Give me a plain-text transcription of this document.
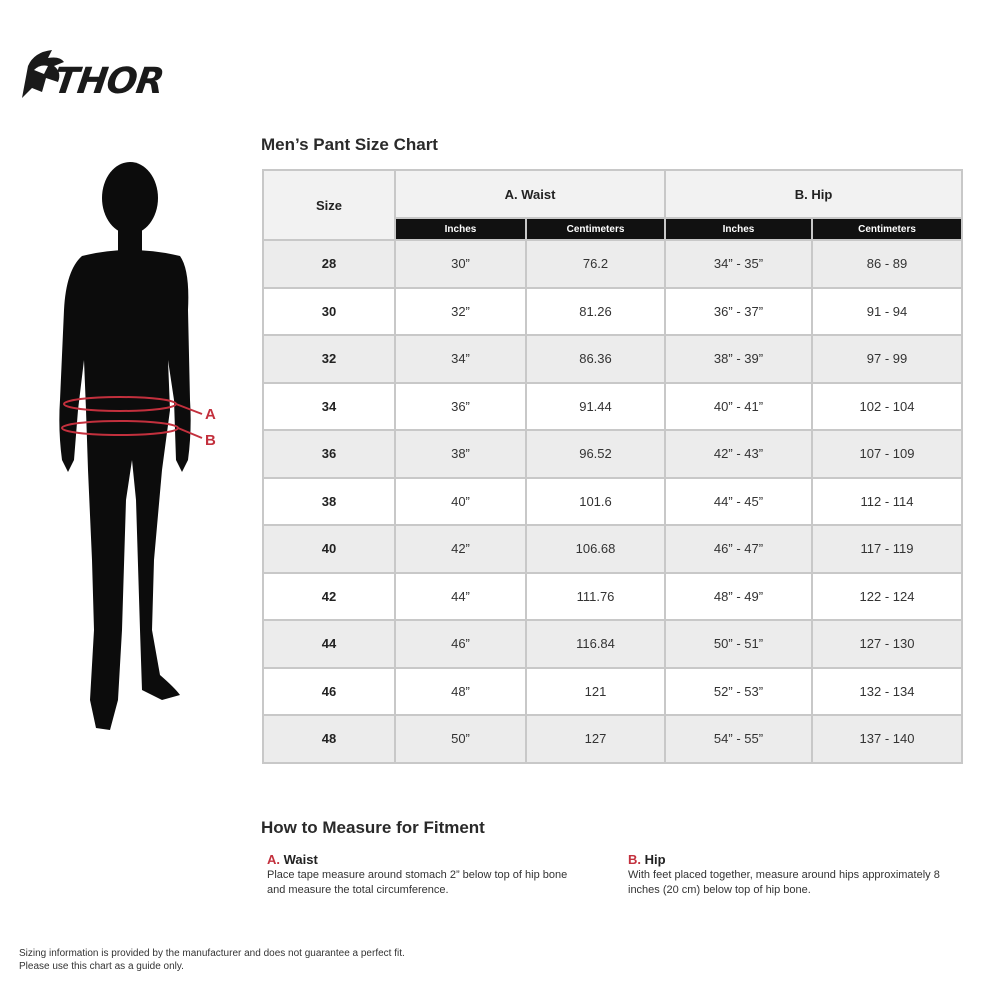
THOR
A
B
Men’s Pant Size Chart
Size	A. Waist		B. Hip	
	Inches	Centimeters	Inches	Centimeters
28	30”	76.2	34” - 35”	86 - 89
30	32”	81.26	36” - 37”	91 - 94
32	34”	86.36	38” - 39”	97 - 99
34	36”	91.44	40” - 41”	102 - 104
36	38”	96.52	42” - 43”	107 - 109
38	40”	101.6	44” - 45”	112 - 114
40	42”	106.68	46” - 47”	117 - 119
42	44”	111.76	48” - 49”	122 - 124
44	46”	116.84	50” - 51”	127 - 130
46	48”	121	52” - 53”	132 - 134
48	50”	127	54” - 55”	137 - 140
How to Measure for Fitment
A. Waist
Place tape measure around stomach 2” below top of hip bone and measure the total circumference.
B. Hip
With feet placed together, measure around hips approximately 8 inches (20 cm) below top of hip bone.
Sizing information is provided by the manufacturer and does not guarantee a perfect fit.
Please use this chart as a guide only.
